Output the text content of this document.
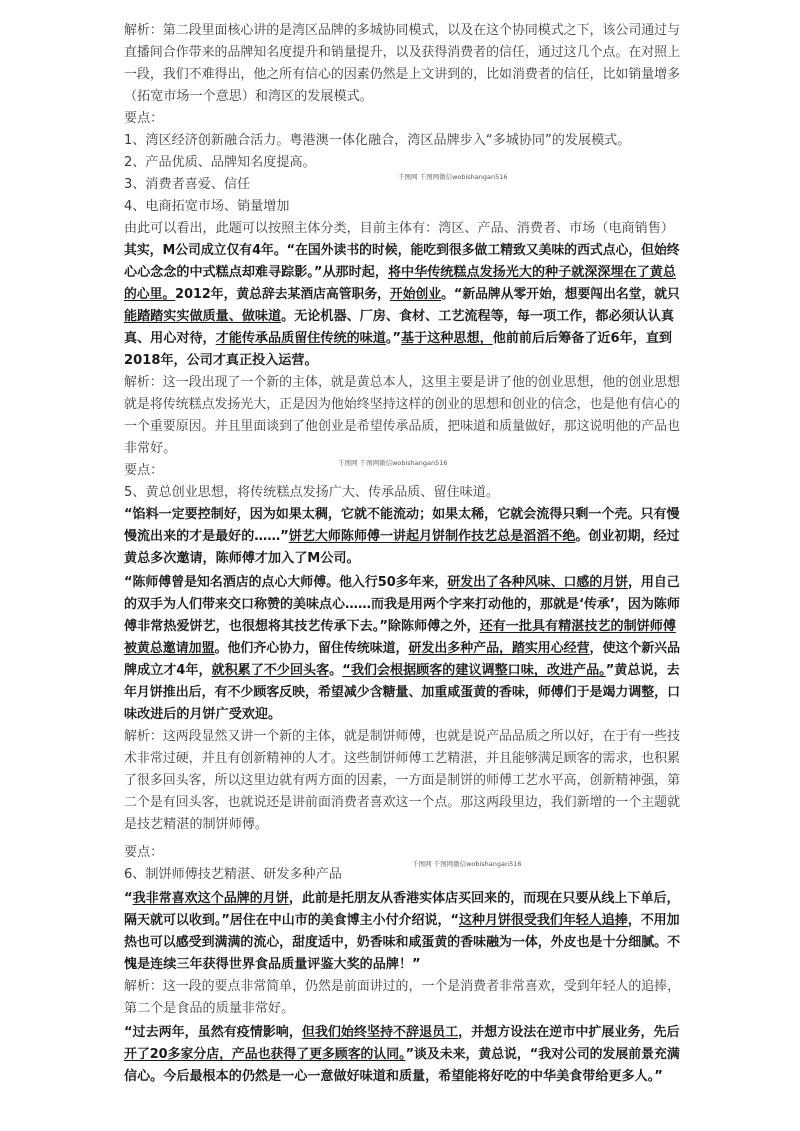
解析：第二段里面核心讲的是湾区品牌的多城协同模式，以及在这个协同模式之下，该公司通过与
直播间合作带来的品牌知名度提升和销量提升，以及获得消费者的信任，通过这几个点。在对照上
一段，我们不难得出，他之所有信心的因素仍然是上文讲到的，比如消费者的信任，比如销量增多
（拓宽市场一个意思）和湾区的发展模式。
要点：
1、湾区经济创新融合活力。粤港澳一体化融合，湾区品牌步入“多城协同”的发展模式。
2、产品优质、品牌知名度提高。
3、消费者喜爱、信任
4、电商拓宽市场、销量增加
由此可以看出，此题可以按照主体分类，目前主体有：湾区、产品、消费者、市场（电商销售）
其实，M公司成立仅有4年。“在国外读书的时候，能吃到很多做工精致又美味的西式点心，但始终
心心念念的中式糕点却难寻踪影。”从那时起，将中华传统糕点发扬光大的种子就深深埋在了黄总
的心里。2012年，黄总辞去某酒店高管职务，开始创业。“新品牌从零开始，想要闯出名堂，就只
能踏踏实实做质量、做味道。无论机器、厂房、食材、工艺流程等，每一项工作，都必须认认真
真、用心对待，才能传承品质留住传统的味道。”基于这种思想，他前前后后筹备了近6年，直到
2018年，公司才真正投入运营。
解析：这一段出现了一个新的主体，就是黄总本人，这里主要是讲了他的创业思想，他的创业思想
就是将传统糕点发扬光大，正是因为他始终坚持这样的创业的思想和创业的信念，也是他有信心的
一个重要原因。并且里面谈到了他创业是希望传承品质，把味道和质量做好，那这说明他的产品也
非常好。
要点：
5、黄总创业思想，将传统糕点发扬广大、传承品质、留住味道。
“馅料一定要控制好，因为如果太稠，它就不能流动；如果太稀，它就会流得只剩一个壳。只有慢
慢流出来的才是最好的……”饼艺大师陈师傅一讲起月饼制作技艺总是滔滔不绝。创业初期，经过
黄总多次邀请，陈师傅才加入了M公司。
“陈师傅曾是知名酒店的点心大师傅。他入行50多年来，研发出了各种风味、口感的月饼，用自己
的双手为人们带来交口称赞的美味点心……而我是用两个字来打动他的，那就是‘传承’，因为陈师
傅非常热爱饼艺，也很想将其技艺传承下去。”除陈师傅之外，还有一批具有精湛技艺的制饼师傅
被黄总邀请加盟。他们齐心协力，留住传统味道，研发出多种产品，踏实用心经营，使这个新兴品
牌成立才4年，就积累了不少回头客。“我们会根据顾客的建议调整口味，改进产品。”黄总说，去
年月饼推出后，有不少顾客反映，希望减少含糖量、加重咸蛋黄的香味，师傅们于是竭力调整，口
味改进后的月饼广受欢迎。
解析：这两段显然又讲一个新的主体，就是制饼师傅，也就是说产品品质之所以好，在于有一些技
术非常过硬，并且有创新精神的人才。这些制饼师傅工艺精湛，并且能够满足顾客的需求，也积累
了很多回头客，所以这里边就有两方面的因素，一方面是制饼的师傅工艺水平高，创新精神强，第
二个是有回头客，也就说还是讲前面消费者喜欢这一个点。那这两段里边，我们新增的一个主题就
是技艺精湛的制饼师傅。
要点：
6、制饼师傅技艺精湛、研发多种产品
“我非常喜欢这个品牌的月饼，此前是托朋友从香港实体店买回来的，而现在只要从线上下单后，
隔天就可以收到。”居住在中山市的美食博主小付介绍说，“这种月饼很受我们年轻人追捧，不用加
热也可以感受到满满的流心，甜度适中，奶香味和咸蛋黄的香味融为一体，外皮也是十分细腻。不
愧是连续三年获得世界食品质量评鉴大奖的品牌！”
解析：这一段的要点非常简单，仍然是前面讲过的，一个是消费者非常喜欢，受到年轻人的追捧，
第二个是食品的质量非常好。
“过去两年，虽然有疫情影响，但我们始终坚持不辞退员工，并想方设法在逆市中扩展业务，先后
开了20多家分店，产品也获得了更多顾客的认同。”谈及未来，黄总说，“我对公司的发展前景充满
信心。今后最根本的仍然是一心一意做好味道和质量，希望能将好吃的中华美食带给更多人。”
千图网 千图网微信wobishangan516
千图网 千图网微信wobishangan516
千图网 千图网微信wobishangan516
